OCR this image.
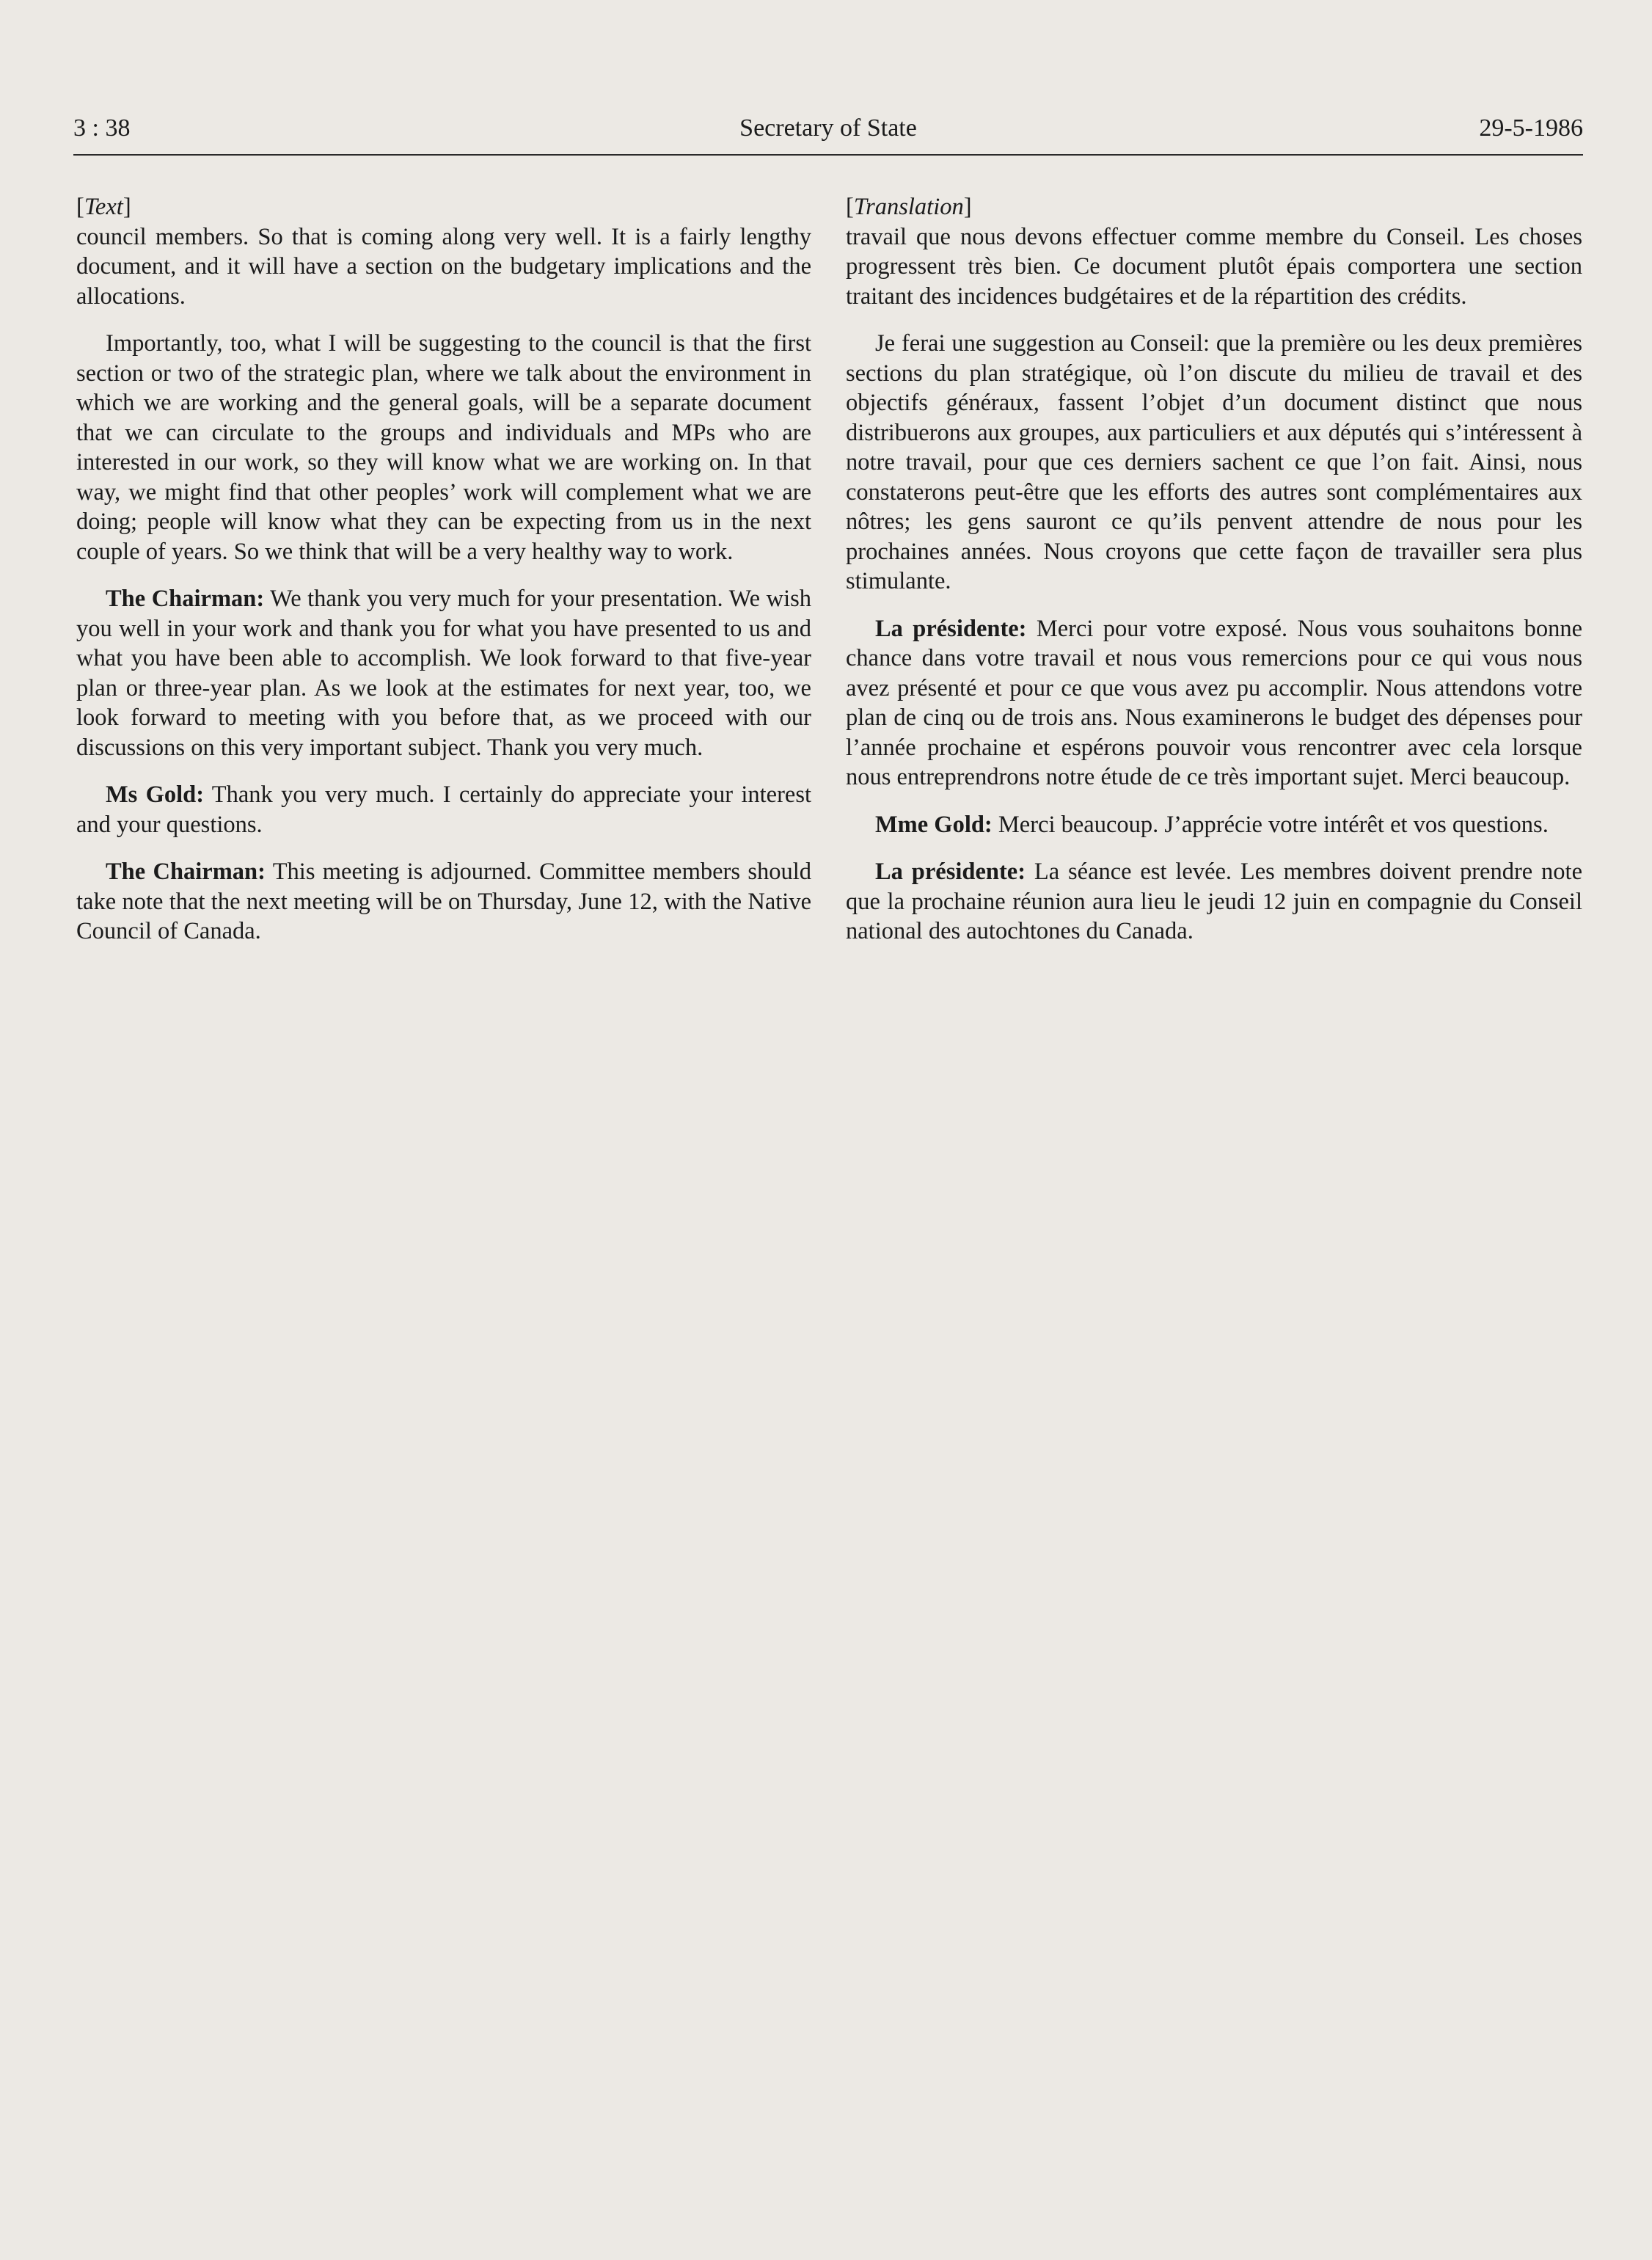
3 : 38	Secretary of State	29-5-1986
[Text]

council members. So that is coming along very well. It is a fairly lengthy document, and it will have a section on the budgetary implications and the allocations.

Importantly, too, what I will be suggesting to the council is that the first section or two of the strategic plan, where we talk about the environment in which we are working and the general goals, will be a separate document that we can circulate to the groups and individuals and MPs who are interested in our work, so they will know what we are working on. In that way, we might find that other peoples’ work will complement what we are doing; people will know what they can be expecting from us in the next couple of years. So we think that will be a very healthy way to work.

The Chairman: We thank you very much for your presentation. We wish you well in your work and thank you for what you have presented to us and what you have been able to accomplish. We look forward to that five-year plan or three-year plan. As we look at the estimates for next year, too, we look forward to meeting with you before that, as we proceed with our discussions on this very important subject. Thank you very much.

Ms Gold: Thank you very much. I certainly do appreciate your interest and your questions.

The Chairman: This meeting is adjourned. Committee members should take note that the next meeting will be on Thursday, June 12, with the Native Council of Canada.

[Translation]

travail que nous devons effectuer comme membre du Conseil. Les choses progressent très bien. Ce document plutôt épais comportera une section traitant des incidences budgétaires et de la répartition des crédits.

Je ferai une suggestion au Conseil: que la première ou les deux premières sections du plan stratégique, où l’on discute du milieu de travail et des objectifs généraux, fassent l’objet d’un document distinct que nous distribuerons aux groupes, aux particuliers et aux députés qui s’intéressent à notre travail, pour que ces derniers sachent ce que l’on fait. Ainsi, nous constaterons peut-être que les efforts des autres sont complémentaires aux nôtres; les gens sauront ce qu’ils penvent attendre de nous pour les prochaines années. Nous croyons que cette façon de travailler sera plus stimulante.

La présidente: Merci pour votre exposé. Nous vous souhaitons bonne chance dans votre travail et nous vous remercions pour ce qui vous nous avez présenté et pour ce que vous avez pu accomplir. Nous attendons votre plan de cinq ou de trois ans. Nous examinerons le budget des dépenses pour l’année prochaine et espérons pouvoir vous rencontrer avec cela lorsque nous entreprendrons notre étude de ce très important sujet. Merci beaucoup.

Mme Gold: Merci beaucoup. J’apprécie votre intérêt et vos questions.

La présidente: La séance est levée. Les membres doivent prendre note que la prochaine réunion aura lieu le jeudi 12 juin en compagnie du Conseil national des autochtones du Canada.
